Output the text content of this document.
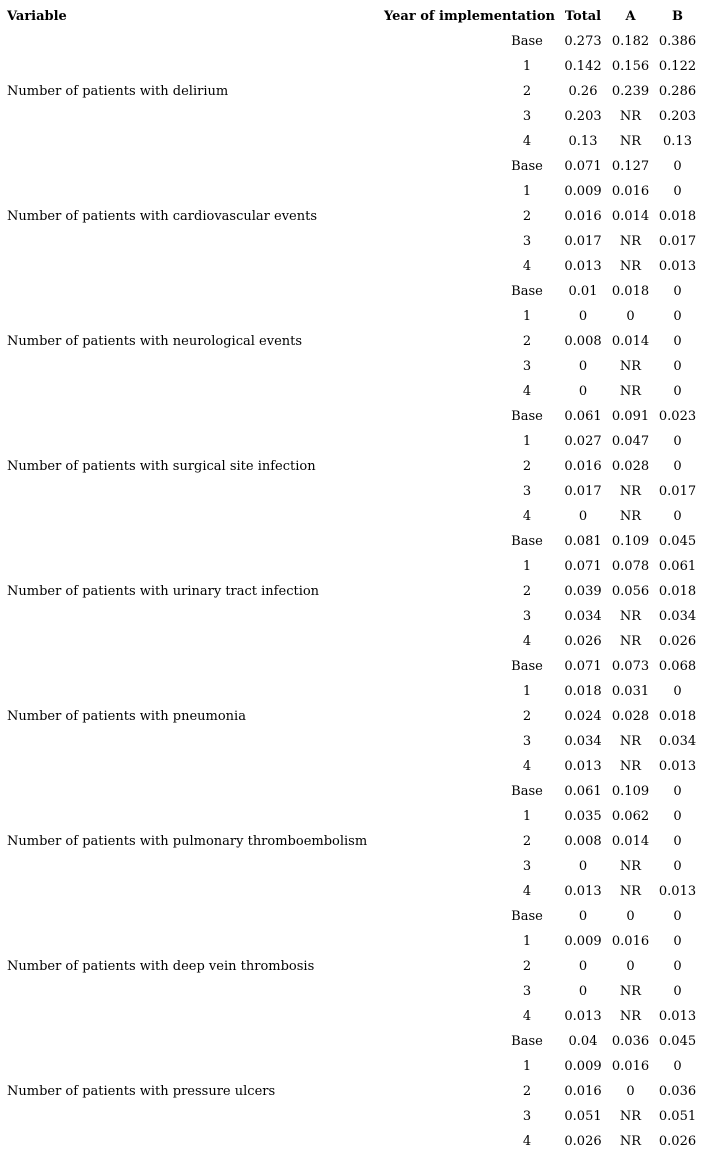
Variable	Year of implementation	Total	A	B
Number of patients with delirium	Base	0.273	0.182	0.386
	1	0.142	0.156	0.122
	2	0.26	0.239	0.286
	3	0.203	NR	0.203
	4	0.13	NR	0.13
Number of patients with cardiovascular events	Base	0.071	0.127	0
	1	0.009	0.016	0
	2	0.016	0.014	0.018
	3	0.017	NR	0.017
	4	0.013	NR	0.013
Number of patients with neurological events	Base	0.01	0.018	0
	1	0	0	0
	2	0.008	0.014	0
	3	0	NR	0
	4	0	NR	0
Number of patients with surgical site infection	Base	0.061	0.091	0.023
	1	0.027	0.047	0
	2	0.016	0.028	0
	3	0.017	NR	0.017
	4	0	NR	0
Number of patients with urinary tract infection	Base	0.081	0.109	0.045
	1	0.071	0.078	0.061
	2	0.039	0.056	0.018
	3	0.034	NR	0.034
	4	0.026	NR	0.026
Number of patients with pneumonia	Base	0.071	0.073	0.068
	1	0.018	0.031	0
	2	0.024	0.028	0.018
	3	0.034	NR	0.034
	4	0.013	NR	0.013
Number of patients with pulmonary thromboembolism	Base	0.061	0.109	0
	1	0.035	0.062	0
	2	0.008	0.014	0
	3	0	NR	0
	4	0.013	NR	0.013
Number of patients with deep vein thrombosis	Base	0	0	0
	1	0.009	0.016	0
	2	0	0	0
	3	0	NR	0
	4	0.013	NR	0.013
Number of patients with pressure ulcers	Base	0.04	0.036	0.045
	1	0.009	0.016	0
	2	0.016	0	0.036
	3	0.051	NR	0.051
	4	0.026	NR	0.026
